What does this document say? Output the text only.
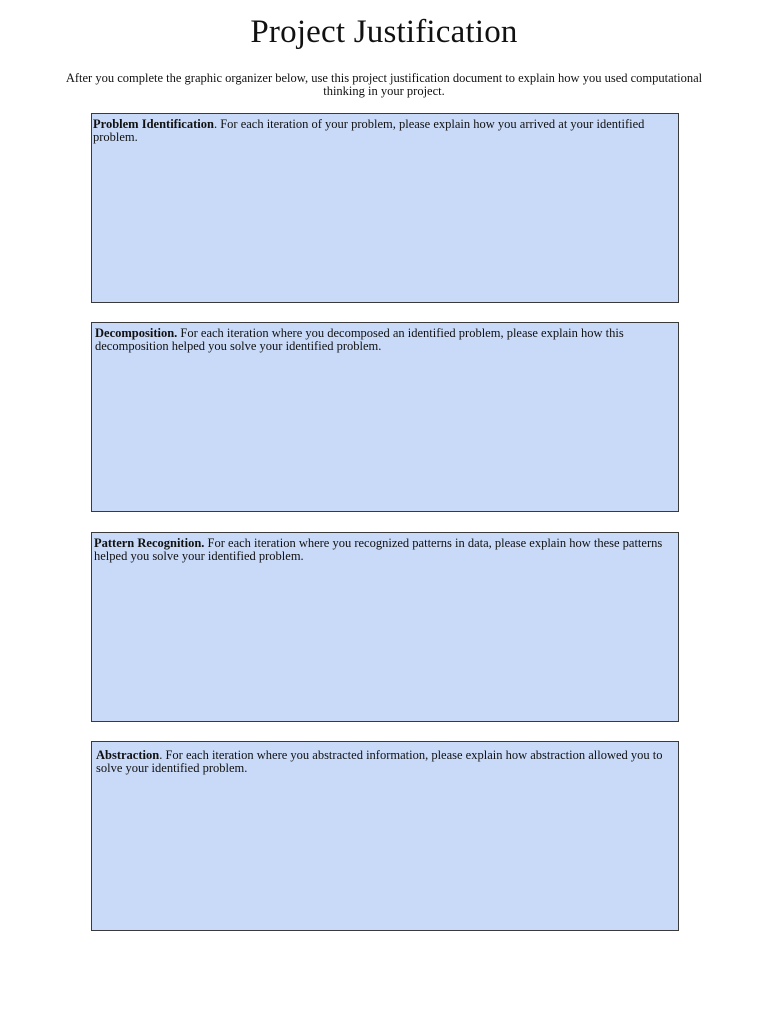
Project Justification
After you complete the graphic organizer below, use this project justification document to explain how you used computational thinking in your project.
Problem Identification. For each iteration of your problem, please explain how you arrived at your identified problem.
Decomposition. For each iteration where you decomposed an identified problem, please explain how this decomposition helped you solve your identified problem.
Pattern Recognition. For each iteration where you recognized patterns in data, please explain how these patterns helped you solve your identified problem.
Abstraction. For each iteration where you abstracted information, please explain how abstraction allowed you to solve your identified problem.
